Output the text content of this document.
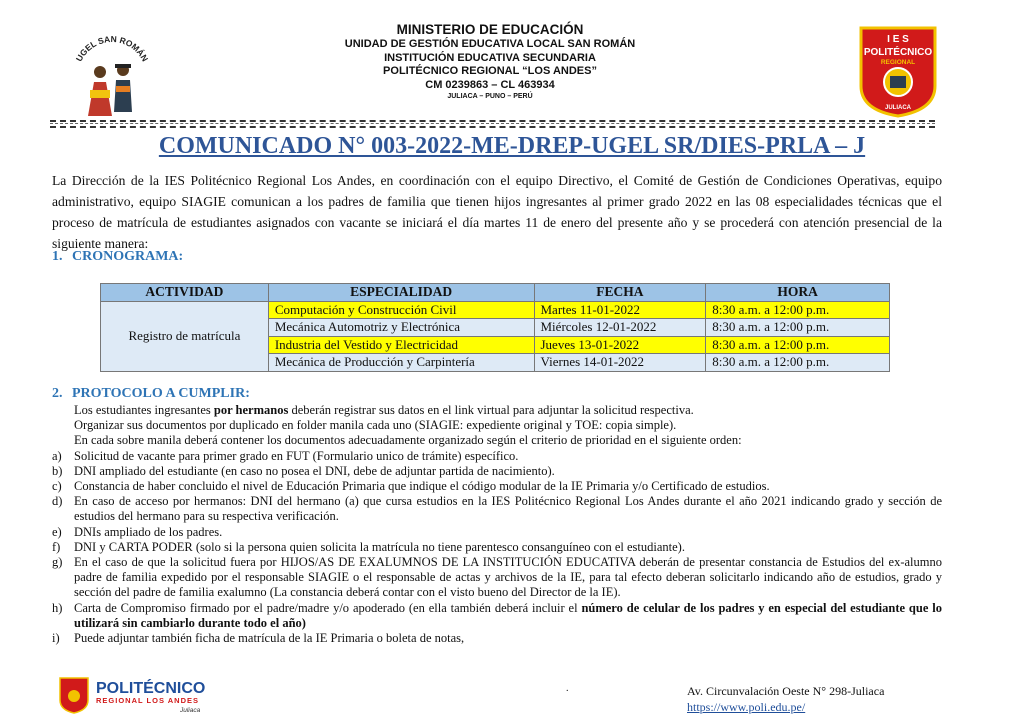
UGEL SAN ROMÁN
MINISTERIO DE EDUCACIÓN
UNIDAD DE GESTIÓN EDUCATIVA LOCAL SAN ROMÁN
INSTITUCIÓN EDUCATIVA SECUNDARIA
POLITÉCNICO REGIONAL “LOS ANDES”
CM 0239863 – CL 463934
JULIACA – PUNO – PERÚ
I E S
POLITÉCNICO
REGIONAL
JULIACA
COMUNICADO N° 003-2022-ME-DREP-UGEL SR/DIES-PRLA – J

La Dirección de la IES Politécnico Regional Los Andes, en coordinación con el equipo Directivo, el Comité de Gestión de Condiciones Operativas, equipo administrativo, equipo SIAGIE comunican a los padres de familia que tienen hijos ingresantes al primer grado 2022 en las 08 especialidades técnicas que el proceso de matrícula de estudiantes asignados con vacante se iniciará el día martes 11 de enero del presente año y se procederá con atención presencial de la siguiente manera:

1. CRONOGRAMA:
ACTIVIDAD	ESPECIALIDAD	FECHA	HORA
Registro de matrícula	Computación y Construcción Civil	Martes 11-01-2022	8:30 a.m. a 12:00 p.m.
	Mecánica Automotriz y Electrónica	Miércoles 12-01-2022	8:30 a.m. a 12:00 p.m.
	Industria del Vestido y Electricidad	Jueves 13-01-2022	8:30 a.m. a 12:00 p.m.
	Mecánica de Producción y Carpintería	Viernes 14-01-2022	8:30 a.m. a 12:00 p.m.
2. PROTOCOLO A CUMPLIR:

Los estudiantes ingresantes por hermanos deberán registrar sus datos en el link virtual para adjuntar la solicitud respectiva.

Organizar sus documentos por duplicado en folder manila cada uno (SIAGIE: expediente original y TOE: copia simple).

En cada sobre manila deberá contener los documentos adecuadamente organizado según el criterio de prioridad en el siguiente orden:

a) Solicitud de vacante para primer grado en FUT (Formulario unico de trámite) específico.
b) DNI ampliado del estudiante (en caso no posea el DNI, debe de adjuntar partida de nacimiento).
c) Constancia de haber concluido el nivel de Educación Primaria que indique el código modular de la IE Primaria y/o Certificado de estudios.
d) En caso de acceso por hermanos: DNI del hermano (a) que cursa estudios en la IES Politécnico Regional Los Andes durante el año 2021 indicando grado y sección de estudios del hermano para su respectiva verificación.
e) DNIs ampliado de los padres.
f)	DNI y CARTA PODER (solo si la persona quien solicita la matrícula no tiene parentesco consanguíneo con el estudiante).
g) En el caso de que la solicitud fuera por HIJOS/AS DE EXALUMNOS DE LA INSTITUCIÓN EDUCATIVA deberán de presentar constancia de Estudios del ex-alumno padre de familia expedido por el responsable SIAGIE o el responsable de actas y archivos de la IE, para tal efecto deberan solicitarlo indicando año de estudios, grado y sección del padre de familia exalumno (La constancia deberá contar con el visto bueno del Director de la IE).
h) Carta de Compromiso firmado por el padre/madre y/o apoderado (en ella también deberá incluir el número de celular de los padres y en especial del estudiante que lo utilizará sin cambiarlo durante todo el año)
i)	Puede adjuntar también ficha de matrícula de la IE Primaria o boleta de notas,
POLITÉCNICO
REGIONAL LOS ANDES
Juliaca
.	Av. Circunvalación Oeste N° 298-Juliaca
https://www.poli.edu.pe/
